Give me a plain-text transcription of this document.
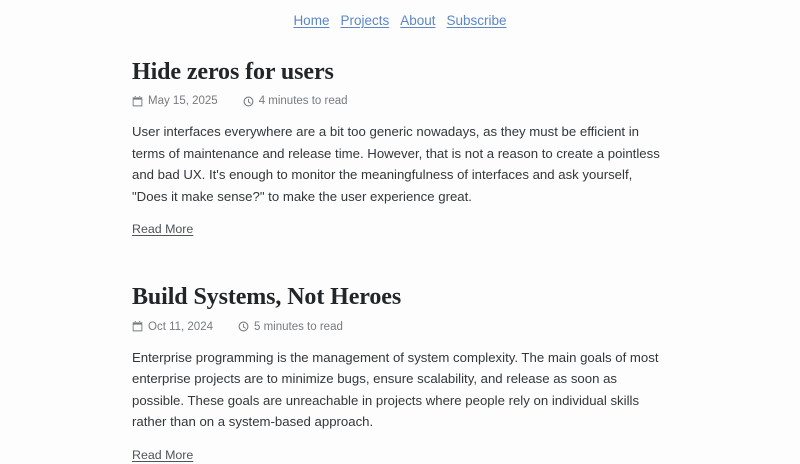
Home Projects About Subscribe
Hide zeros for users
May 15, 2025	4 minutes to read

User interfaces everywhere are a bit too generic nowadays, as they must be efficient in terms of maintenance and release time. However, that is not a reason to create a pointless and bad UX. It's enough to monitor the meaningfulness of interfaces and ask yourself, "Does it make sense?" to make the user experience great.

Read More
Build Systems, Not Heroes
Oct 11, 2024	5 minutes to read

Enterprise programming is the management of system complexity. The main goals of most enterprise projects are to minimize bugs, ensure scalability, and release as soon as possible. These goals are unreachable in projects where people rely on individual skills rather than on a system-based approach.

Read More
